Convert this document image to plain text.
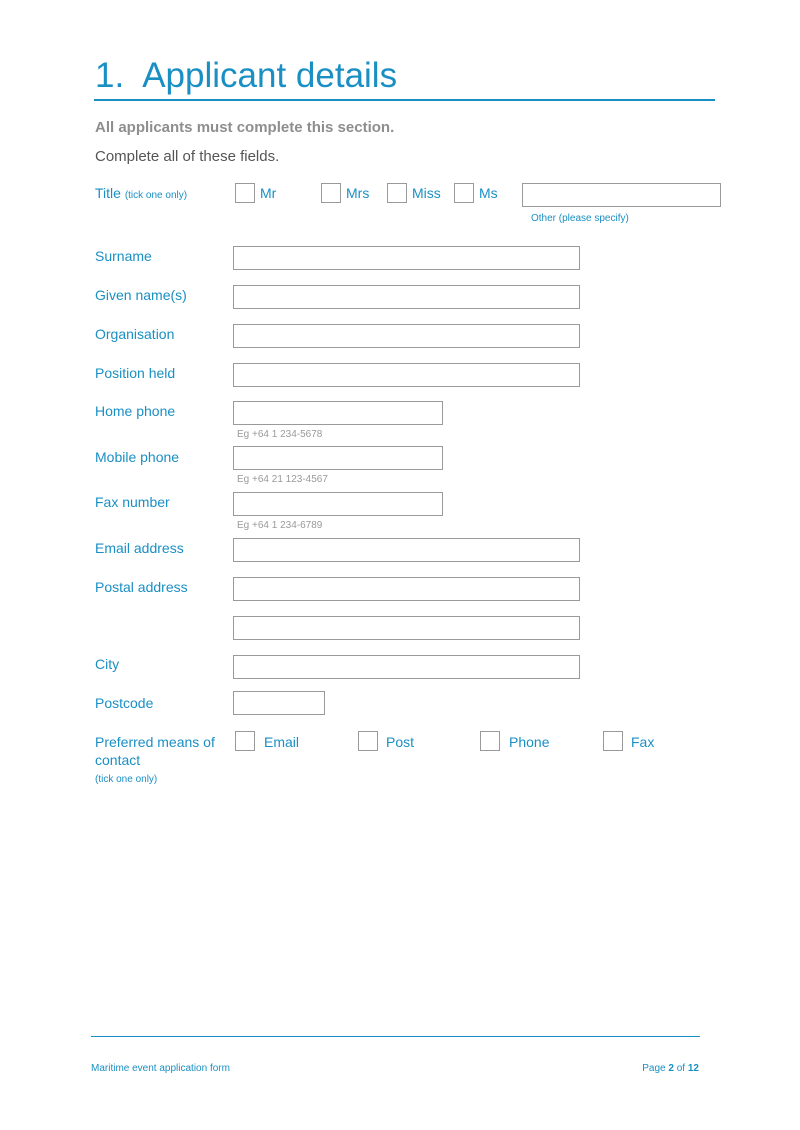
1. Applicant details
All applicants must complete this section.
Complete all of these fields.
Title (tick one only)	Mr	Mrs	Miss	Ms
Other (please specify)
Surname
Given name(s)
Organisation
Position held
Home phone
Eg +64 1 234-5678
Mobile phone
Eg +64 21 123-4567
Fax number
Eg +64 1 234-6789
Email address
Postal address
City
Postcode
Preferred means of
contact
(tick one only)
Email	Post	Phone	Fax
Maritime event application form	Page 2 of 12
